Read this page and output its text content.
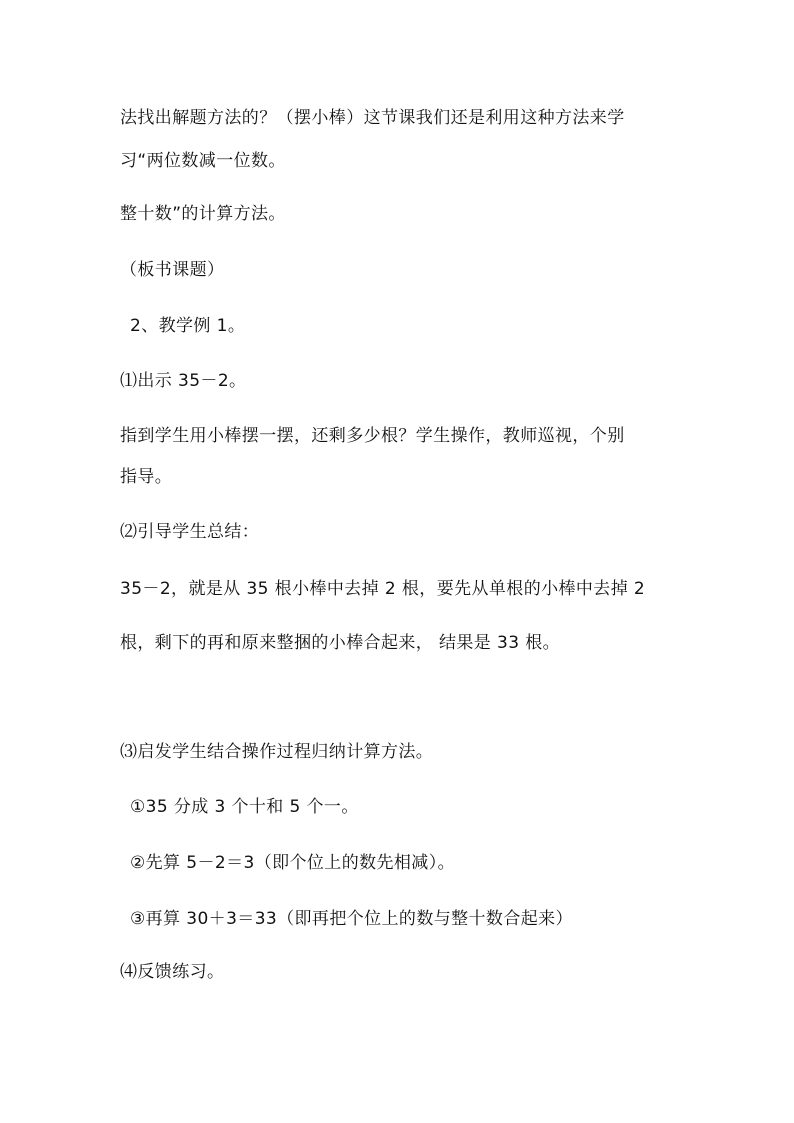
法找出解题方法的？（摆小棒）这节课我们还是利用这种方法来学
习“两位数减一位数。
整十数”的计算方法。
（板书课题）
2、教学例 1。
⑴出示 35－2。
指到学生用小棒摆一摆，还剩多少根？学生操作，教师巡视，个别
指导。
⑵引导学生总结：
35－2，就是从 35 根小棒中去掉 2 根，要先从单根的小棒中去掉 2
根，剩下的再和原来整捆的小棒合起来， 结果是 33 根。
⑶启发学生结合操作过程归纳计算方法。
①35 分成 3 个十和 5 个一。
②先算 5－2＝3（即个位上的数先相减）。
③再算 30＋3＝33（即再把个位上的数与整十数合起来）
⑷反馈练习。
